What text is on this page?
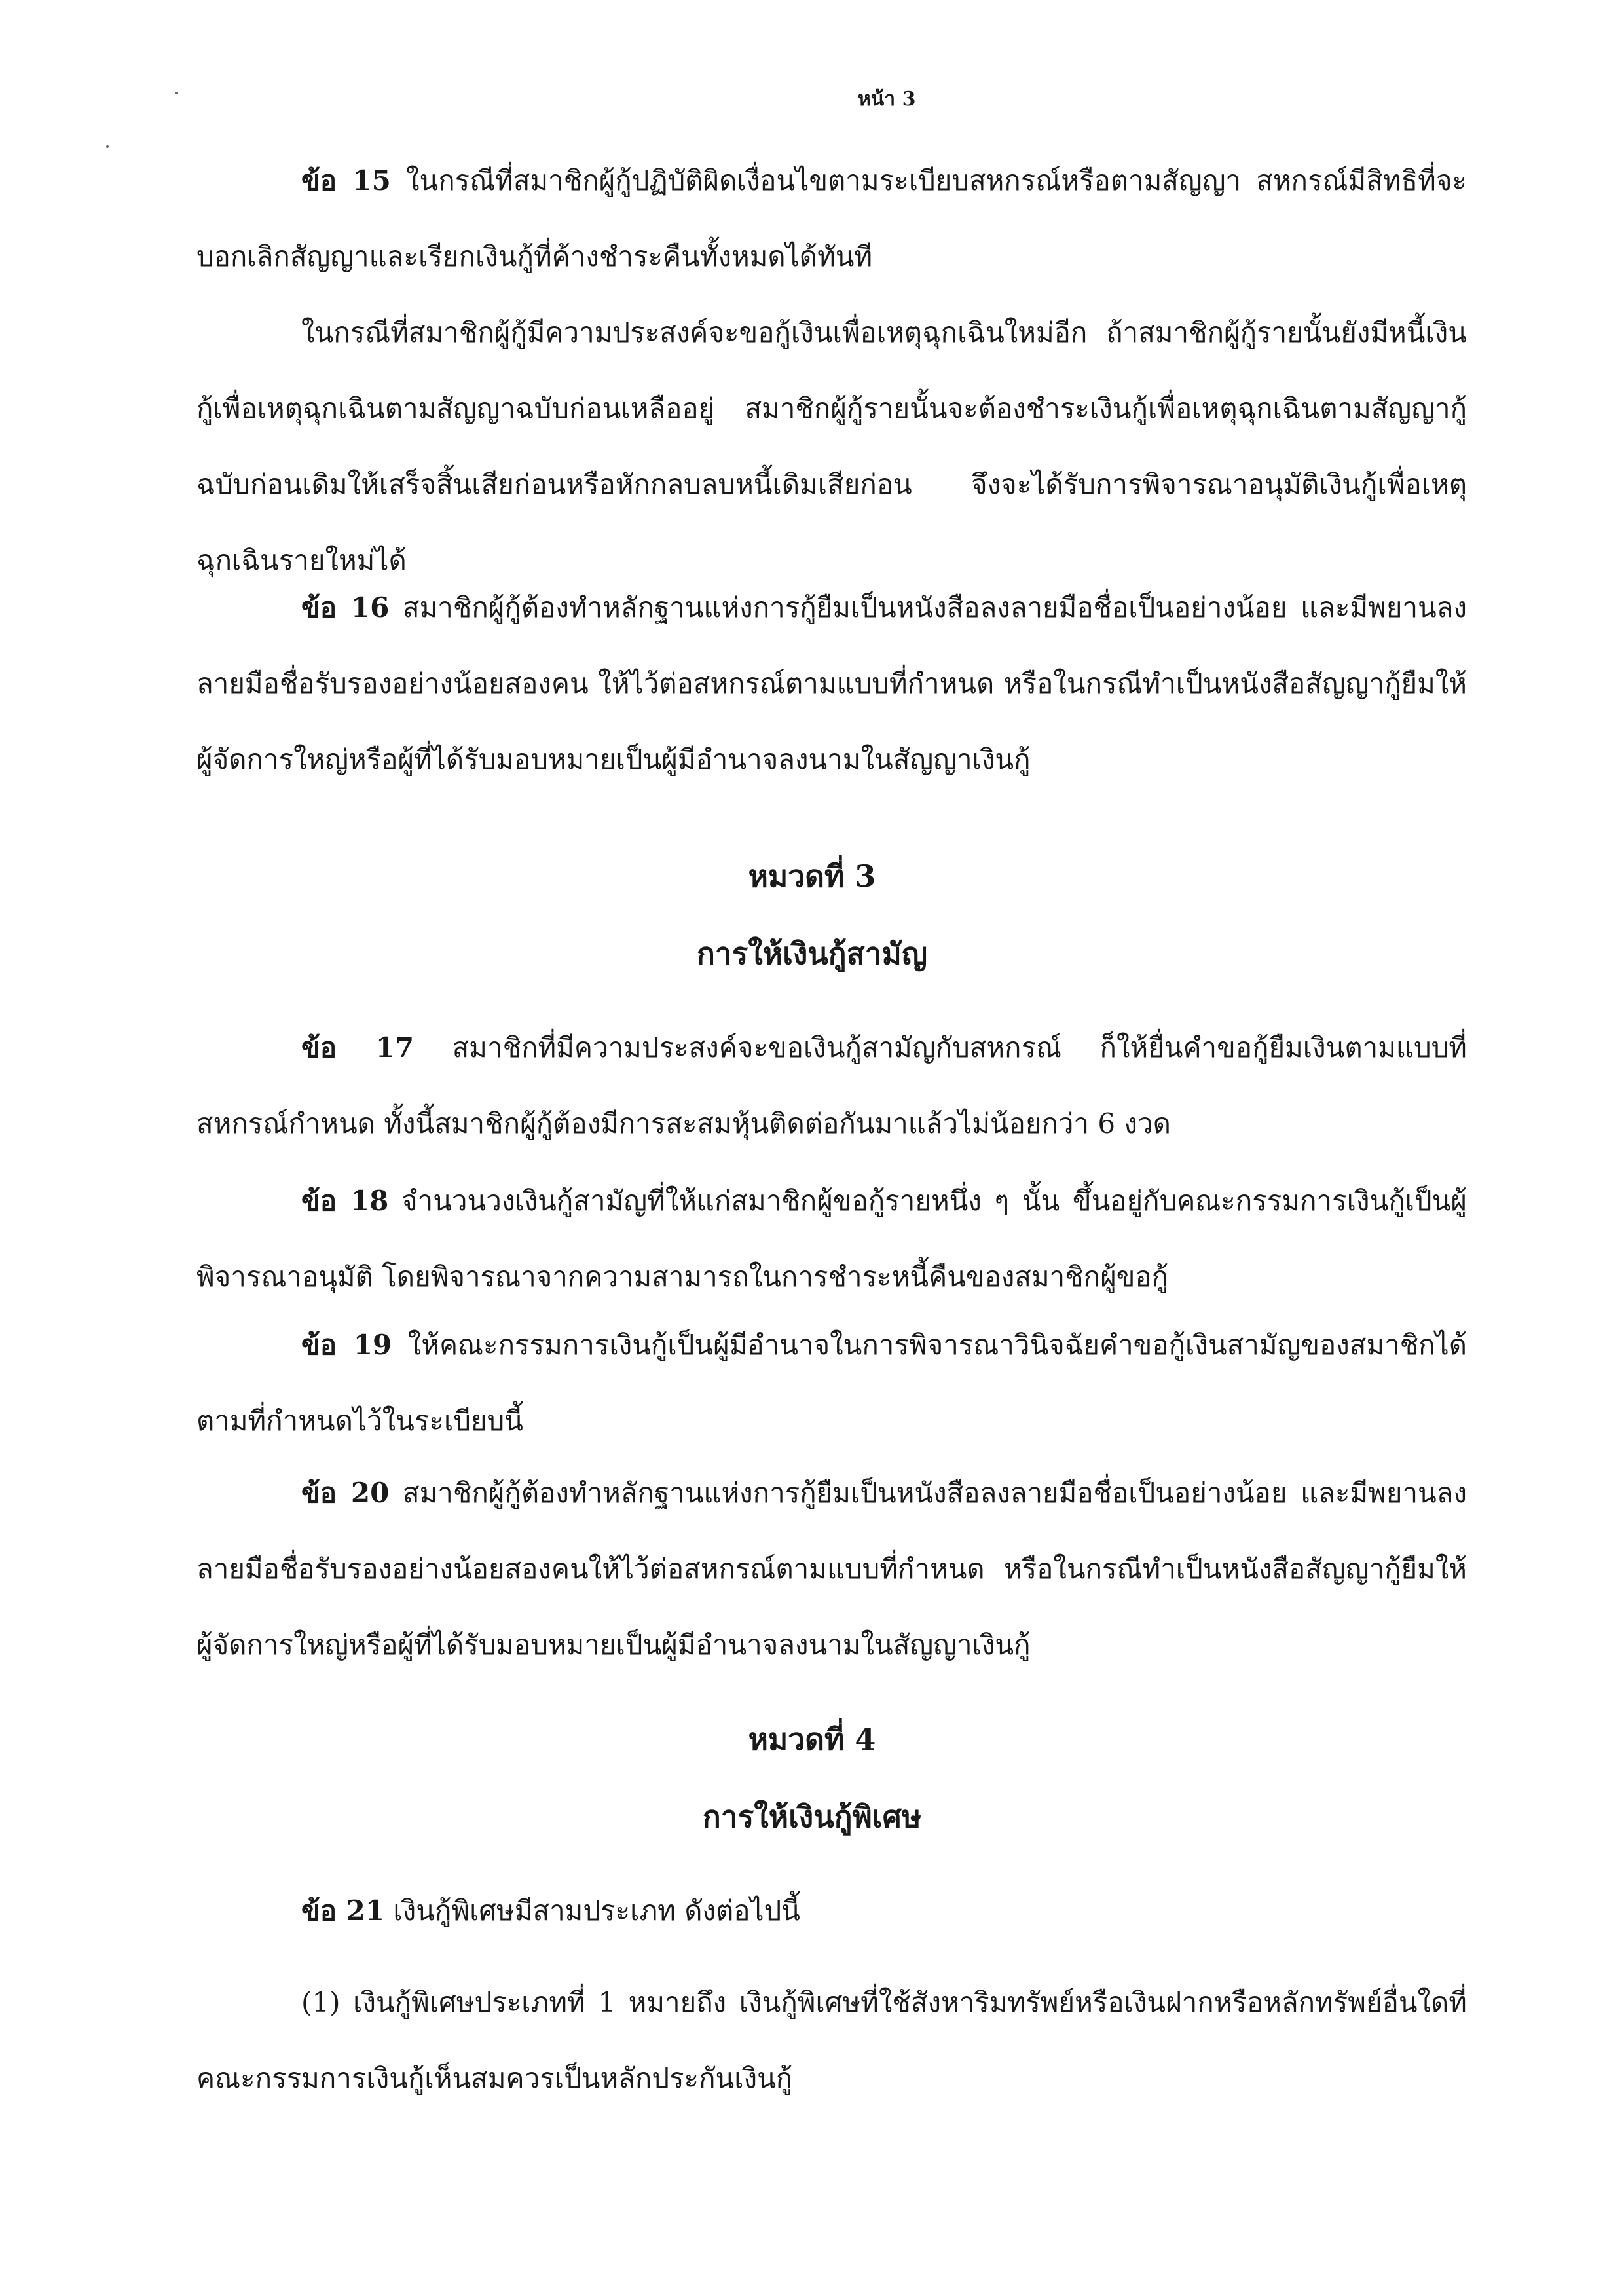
หน้า 3

ข้อ 15 ในกรณีที่สมาชิกผู้กู้ปฏิบัติผิดเงื่อนไขตามระเบียบสหกรณ์หรือตามสัญญา สหกรณ์มีสิทธิที่จะบอกเลิกสัญญาและเรียกเงินกู้ที่ค้างชำระคืนทั้งหมดได้ทันที

ในกรณีที่สมาชิกผู้กู้มีความประสงค์จะขอกู้เงินเพื่อเหตุฉุกเฉินใหม่อีก ถ้าสมาชิกผู้กู้รายนั้นยังมีหนี้เงินกู้เพื่อเหตุฉุกเฉินตามสัญญาฉบับก่อนเหลืออยู่ สมาชิกผู้กู้รายนั้นจะต้องชำระเงินกู้เพื่อเหตุฉุกเฉินตามสัญญากู้ฉบับก่อนเดิมให้เสร็จสิ้นเสียก่อนหรือหักกลบลบหนี้เดิมเสียก่อน จึงจะได้รับการพิจารณาอนุมัติเงินกู้เพื่อเหตุฉุกเฉินรายใหม่ได้

ข้อ 16 สมาชิกผู้กู้ต้องทำหลักฐานแห่งการกู้ยืมเป็นหนังสือลงลายมือชื่อเป็นอย่างน้อย และมีพยานลงลายมือชื่อรับรองอย่างน้อยสองคน ให้ไว้ต่อสหกรณ์ตามแบบที่กำหนด หรือในกรณีทำเป็นหนังสือสัญญากู้ยืมให้ผู้จัดการใหญ่หรือผู้ที่ได้รับมอบหมายเป็นผู้มีอำนาจลงนามในสัญญาเงินกู้

หมวดที่ 3
การให้เงินกู้สามัญ

ข้อ 17 สมาชิกที่มีความประสงค์จะขอเงินกู้สามัญกับสหกรณ์ ก็ให้ยื่นคำขอกู้ยืมเงินตามแบบที่สหกรณ์กำหนด ทั้งนี้สมาชิกผู้กู้ต้องมีการสะสมหุ้นติดต่อกันมาแล้วไม่น้อยกว่า 6 งวด

ข้อ 18 จำนวนวงเงินกู้สามัญที่ให้แก่สมาชิกผู้ขอกู้รายหนึ่ง ๆ นั้น ขึ้นอยู่กับคณะกรรมการเงินกู้เป็นผู้พิจารณาอนุมัติ โดยพิจารณาจากความสามารถในการชำระหนี้คืนของสมาชิกผู้ขอกู้

ข้อ 19 ให้คณะกรรมการเงินกู้เป็นผู้มีอำนาจในการพิจารณาวินิจฉัยคำขอกู้เงินสามัญของสมาชิกได้ตามที่กำหนดไว้ในระเบียบนี้

ข้อ 20 สมาชิกผู้กู้ต้องทำหลักฐานแห่งการกู้ยืมเป็นหนังสือลงลายมือชื่อเป็นอย่างน้อย และมีพยานลงลายมือชื่อรับรองอย่างน้อยสองคนให้ไว้ต่อสหกรณ์ตามแบบที่กำหนด หรือในกรณีทำเป็นหนังสือสัญญากู้ยืมให้ผู้จัดการใหญ่หรือผู้ที่ได้รับมอบหมายเป็นผู้มีอำนาจลงนามในสัญญาเงินกู้

หมวดที่ 4
การให้เงินกู้พิเศษ

ข้อ 21 เงินกู้พิเศษมีสามประเภท ดังต่อไปนี้

(1) เงินกู้พิเศษประเภทที่ 1 หมายถึง เงินกู้พิเศษที่ใช้สังหาริมทรัพย์หรือเงินฝากหรือหลักทรัพย์อื่นใดที่คณะกรรมการเงินกู้เห็นสมควรเป็นหลักประกันเงินกู้
